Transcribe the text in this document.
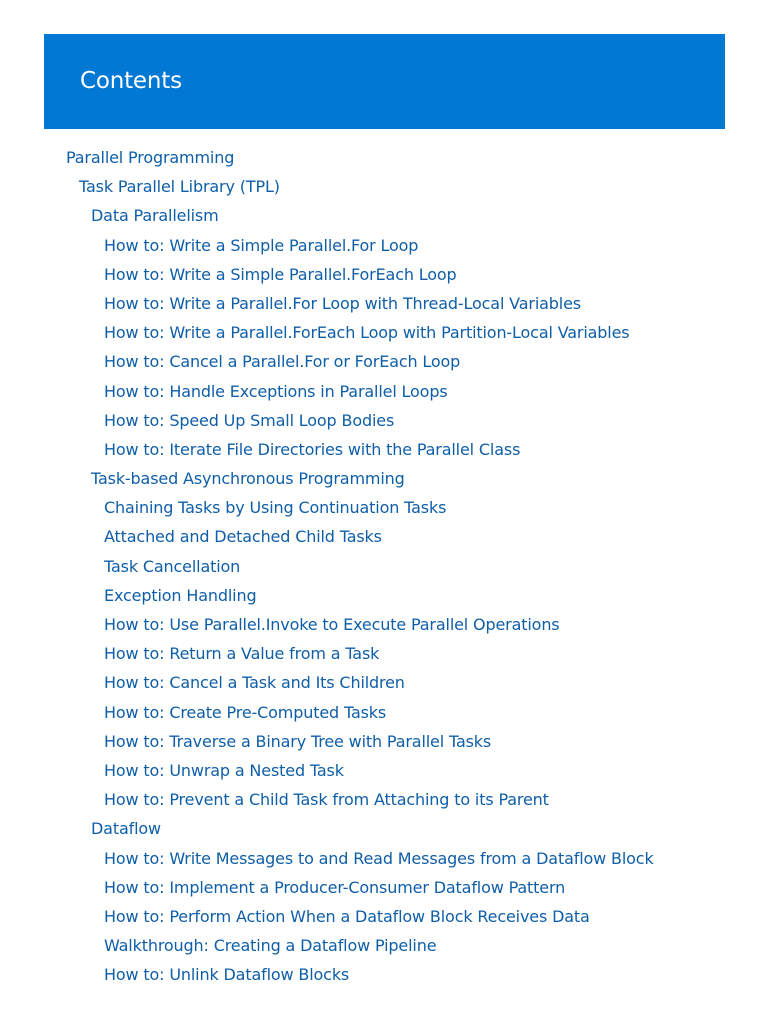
Contents
Parallel Programming
Task Parallel Library (TPL)
Data Parallelism
How to: Write a Simple Parallel.For Loop
How to: Write a Simple Parallel.ForEach Loop
How to: Write a Parallel.For Loop with Thread-Local Variables
How to: Write a Parallel.ForEach Loop with Partition-Local Variables
How to: Cancel a Parallel.For or ForEach Loop
How to: Handle Exceptions in Parallel Loops
How to: Speed Up Small Loop Bodies
How to: Iterate File Directories with the Parallel Class
Task-based Asynchronous Programming
Chaining Tasks by Using Continuation Tasks
Attached and Detached Child Tasks
Task Cancellation
Exception Handling
How to: Use Parallel.Invoke to Execute Parallel Operations
How to: Return a Value from a Task
How to: Cancel a Task and Its Children
How to: Create Pre-Computed Tasks
How to: Traverse a Binary Tree with Parallel Tasks
How to: Unwrap a Nested Task
How to: Prevent a Child Task from Attaching to its Parent
Dataflow
How to: Write Messages to and Read Messages from a Dataflow Block
How to: Implement a Producer-Consumer Dataflow Pattern
How to: Perform Action When a Dataflow Block Receives Data
Walkthrough: Creating a Dataflow Pipeline
How to: Unlink Dataflow Blocks
